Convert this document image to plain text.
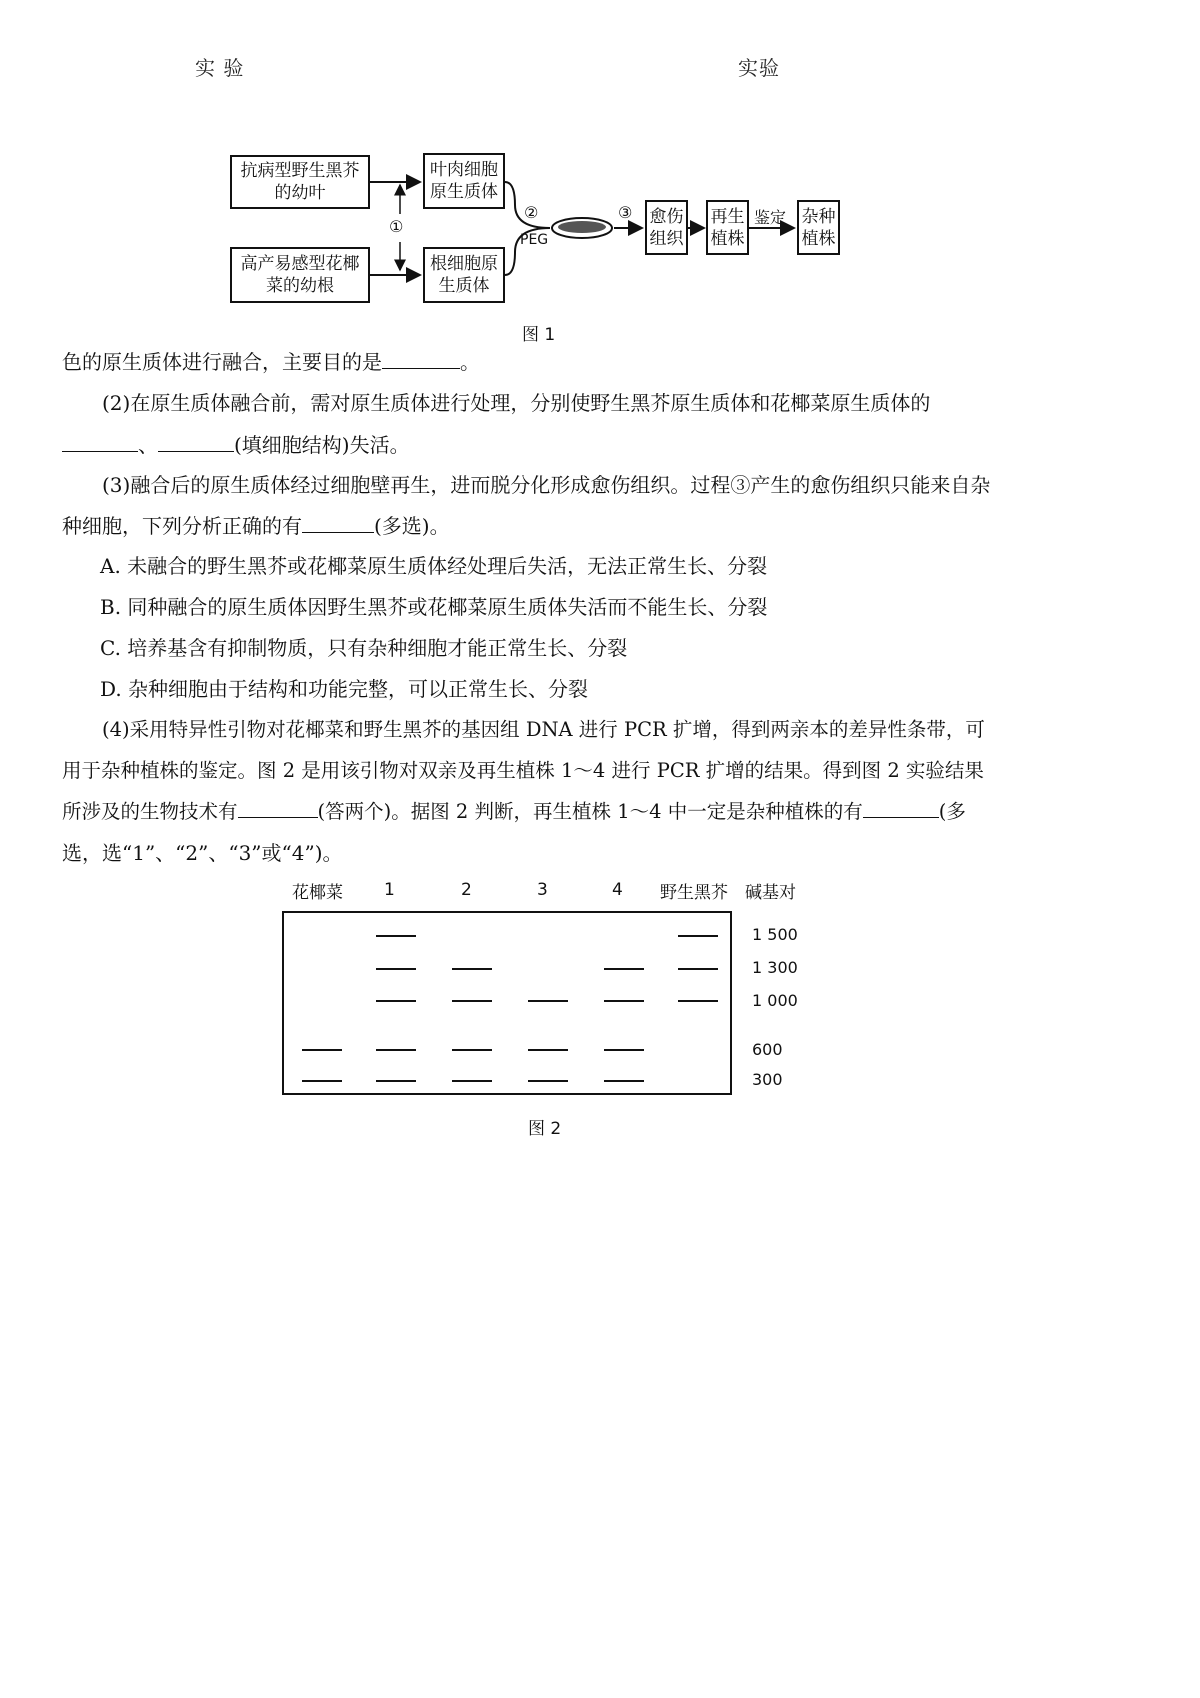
实 验	实验
抗病型野生黑芥的幼叶
高产易感型花椰菜的幼根
叶肉细胞原生质体
根细胞原生质体
①
②
PEG
③ 愈伤组织
再生植株
鉴定 杂种植株
图 1
色的原生质体进行融合，主要目的是	。
(2)在原生质体融合前，需对原生质体进行处理，分别使野生黑芥原生质体和花椰菜原生质体的
、	(填细胞结构)失活。
(3)融合后的原生质体经过细胞壁再生，进而脱分化形成愈伤组织。过程③产生的愈伤组织只能来自杂
种细胞，下列分析正确的有	(多选)。
A. 未融合的野生黑芥或花椰菜原生质体经处理后失活，无法正常生长、分裂
B. 同种融合的原生质体因野生黑芥或花椰菜原生质体失活而不能生长、分裂
C. 培养基含有抑制物质，只有杂种细胞才能正常生长、分裂
D. 杂种细胞由于结构和功能完整，可以正常生长、分裂
(4)采用特异性引物对花椰菜和野生黑芥的基因组 DNA 进行 PCR 扩增，得到两亲本的差异性条带，可
用于杂种植株的鉴定。图 2 是用该引物对双亲及再生植株 1～4 进行 PCR 扩增的结果。得到图 2 实验结果
所涉及的生物技术有	(答两个)。据图 2 判断，再生植株 1～4 中一定是杂种植株的有	(多
选，选“1”、“2”、“3”或“4”)。
花椰菜 1	2	3	4 野生黑芥 碱基对
1 500
1 300
1 000
600
300
图 2
